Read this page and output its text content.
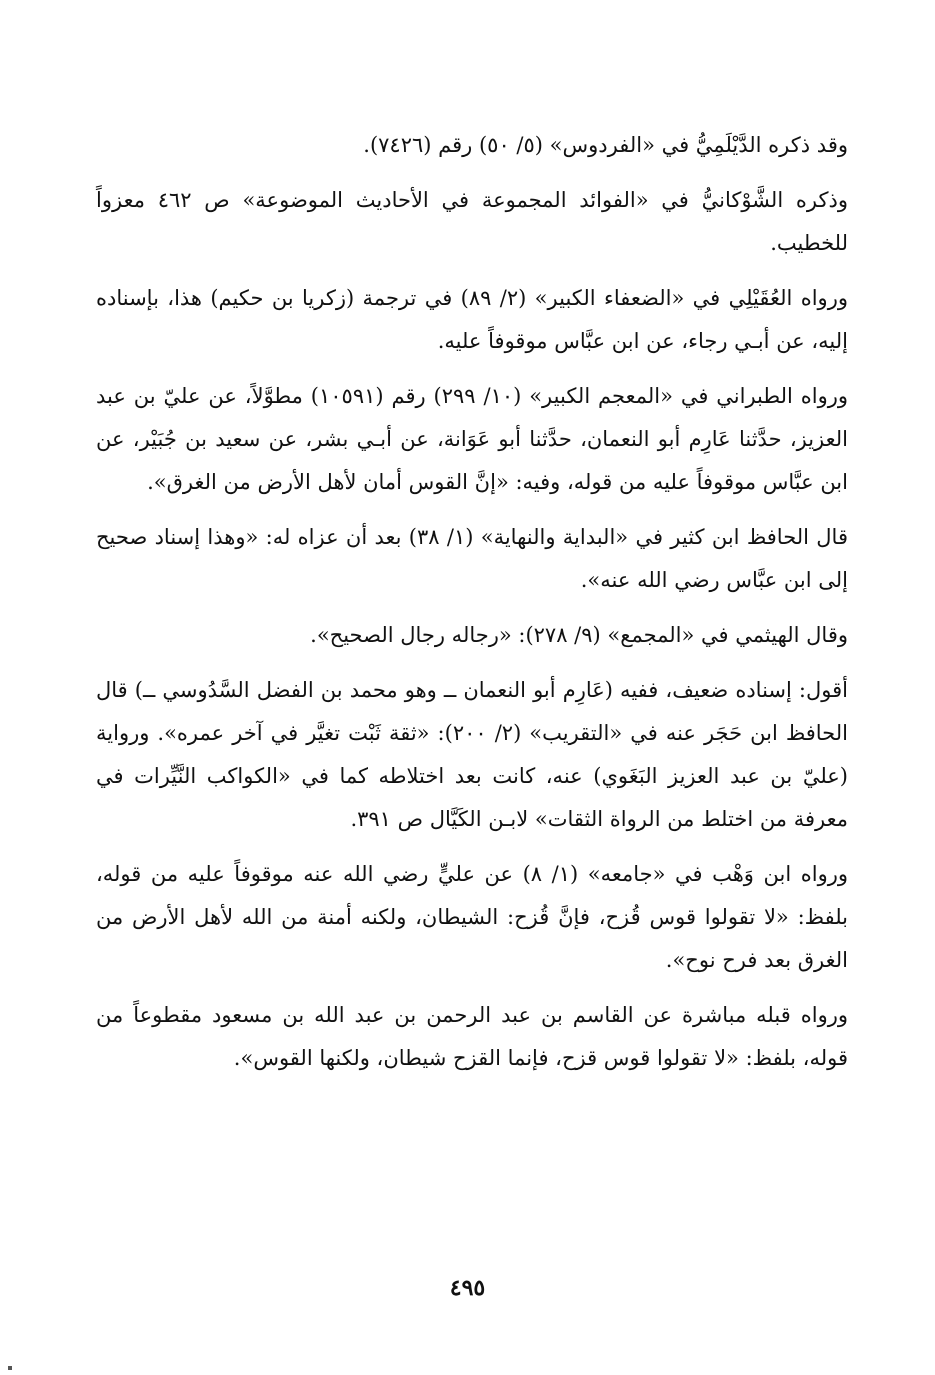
وقد ذكره الدَّيْلَمِيُّ في «الفردوس» (٥/ ٥٠) رقم (٧٤٢٦).

وذكره الشَّوْكانيُّ في «الفوائد المجموعة في الأحاديث الموضوعة» ص ٤٦٢ معزواً للخطيب.

ورواه العُقَيْلِي في «الضعفاء الكبير» (٢/ ٨٩) في ترجمة (زكريا بن حكيم) هذا، بإسناده إليه، عن أبـي رجاء، عن ابن عبَّاس موقوفاً عليه.

ورواه الطبراني في «المعجم الكبير» (١٠/ ٢٩٩) رقم (١٠٥٩١) مطوَّلاً، عن عليّ بن عبد العزيز، حدَّثنا عَارِم أبو النعمان، حدَّثنا أبو عَوَانة، عن أبـي بشر، عن سعيد بن جُبَيْر، عن ابن عبَّاس موقوفاً عليه من قوله، وفيه: «إنَّ القوس أمان لأهل الأرض من الغرق».

قال الحافظ ابن كثير في «البداية والنهاية» (١/ ٣٨) بعد أن عزاه له: «وهذا إسناد صحيح إلى ابن عبَّاس رضي الله عنه».

وقال الهيثمي في «المجمع» (٩/ ٢٧٨): «رجاله رجال الصحيح».

أقول: إسناده ضعيف، ففيه (عَارِم أبو النعمان ــ وهو محمد بن الفضل السَّدُوسي ــ) قال الحافظ ابن حَجَر عنه في «التقريب» (٢/ ٢٠٠): «ثقة ثَبْت تغيَّر في آخر عمره». ورواية (عليّ بن عبد العزيز البَغَوي) عنه، كانت بعد اختلاطه كما في «الكواكب النَّيِّرات في معرفة من اختلط من الرواة الثقات» لابـن الكَيَّال ص ٣٩١.

ورواه ابن وَهْب في «جامعه» (١/ ٨) عن عليٍّ رضي الله عنه موقوفاً عليه من قوله، بلفظ: «لا تقولوا قوس قُزح، فإنَّ قُزح: الشيطان، ولكنه أمنة من الله لأهل الأرض من الغرق بعد فرح نوح».

ورواه قبله مباشرة عن القاسم بن عبد الرحمن بن عبد الله بن مسعود مقطوعاً من قوله، بلفظ: «لا تقولوا قوس قزح، فإنما القزح شيطان، ولكنها القوس».

٤٩٥
